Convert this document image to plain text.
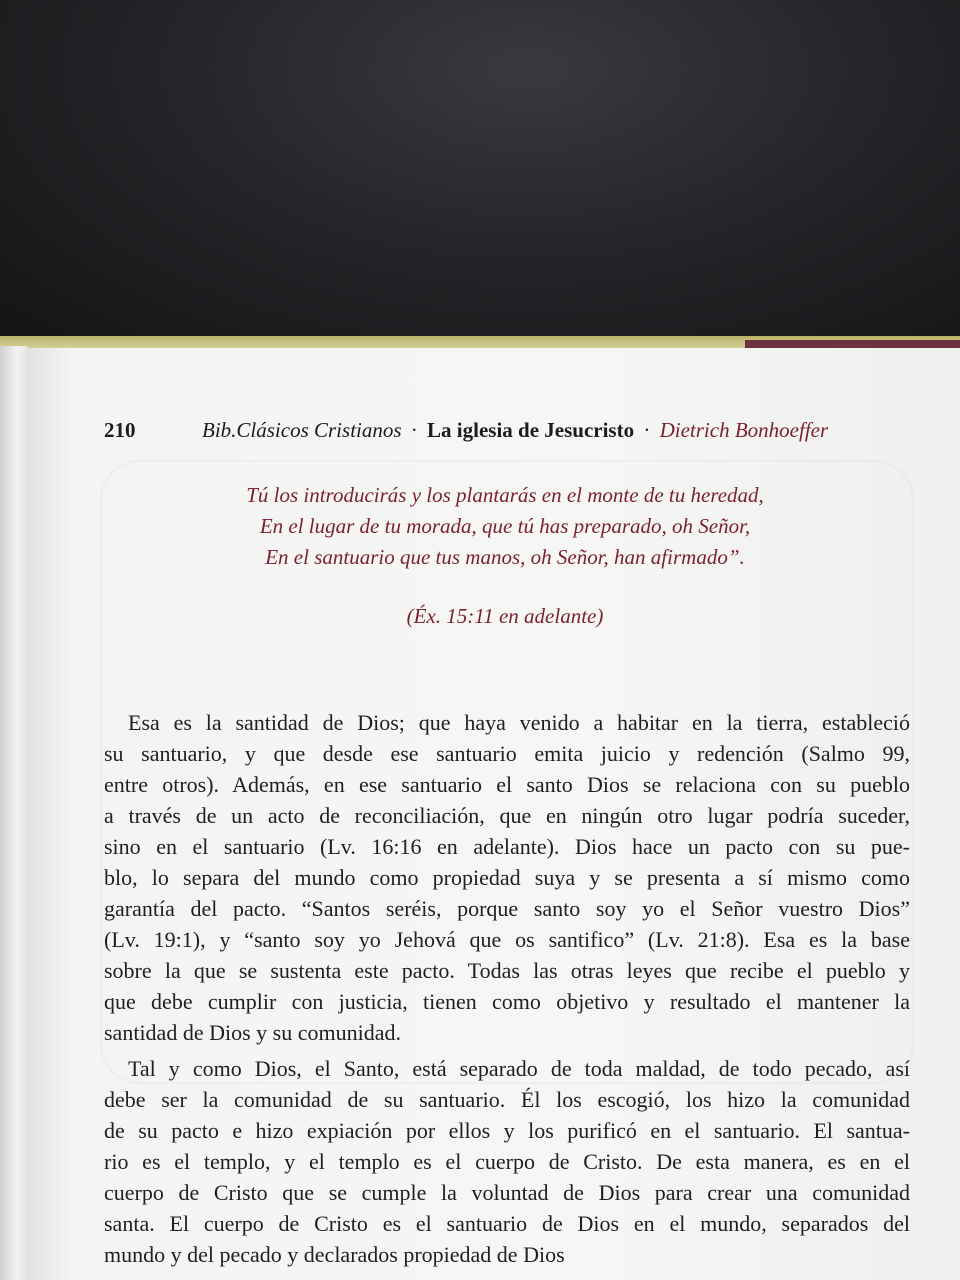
210	Bib.Clásicos Cristianos · La iglesia de Jesucristo · Dietrich Bonhoeffer
Tú los introducirás y los plantarás en el monte de tu heredad,
En el lugar de tu morada, que tú has preparado, oh Señor,
En el santuario que tus manos, oh Señor, han afirmado”.
(Éx. 15:11 en adelante)
Esa es la santidad de Dios; que haya venido a habitar en la tierra, estableció
su santuario, y que desde ese santuario emita juicio y redención (Salmo 99,
entre otros). Además, en ese santuario el santo Dios se relaciona con su pueblo
a través de un acto de reconciliación, que en ningún otro lugar podría suceder,
sino en el santuario (Lv. 16:16 en adelante). Dios hace un pacto con su pue-
blo, lo separa del mundo como propiedad suya y se presenta a sí mismo como
garantía del pacto. “Santos seréis, porque santo soy yo el Señor vuestro Dios”
(Lv. 19:1), y “santo soy yo Jehová que os santifico” (Lv. 21:8). Esa es la base
sobre la que se sustenta este pacto. Todas las otras leyes que recibe el pueblo y
que debe cumplir con justicia, tienen como objetivo y resultado el mantener la
santidad de Dios y su comunidad.
Tal y como Dios, el Santo, está separado de toda maldad, de todo pecado, así
debe ser la comunidad de su santuario. Él los escogió, los hizo la comunidad
de su pacto e hizo expiación por ellos y los purificó en el santuario. El santua-
rio es el templo, y el templo es el cuerpo de Cristo. De esta manera, es en el
cuerpo de Cristo que se cumple la voluntad de Dios para crear una comunidad
santa. El cuerpo de Cristo es el santuario de Dios en el mundo, separados del
mundo y del pecado y declarados propiedad de Dios
